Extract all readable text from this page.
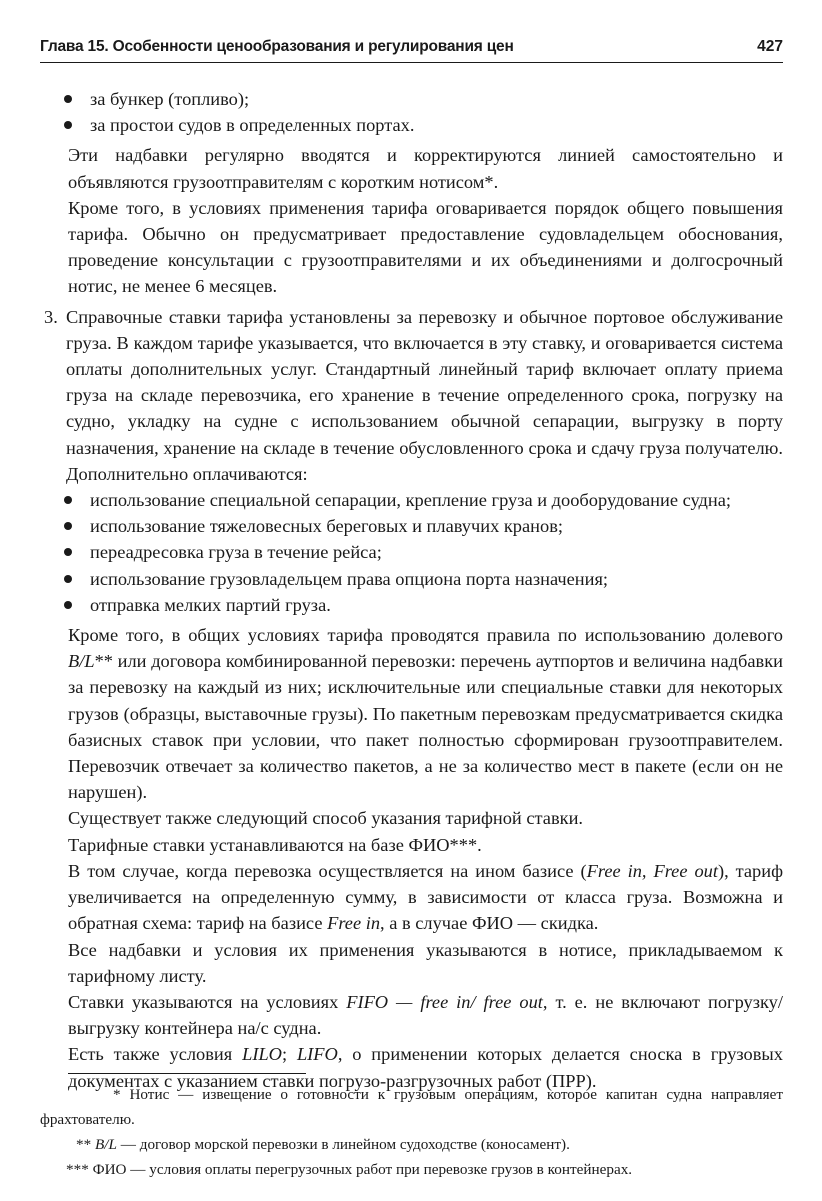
Глава 15. Особенности ценообразования и регулирования цен	427
за бункер (топливо);
за простои судов в определенных портах.

Эти надбавки регулярно вводятся и корректируются линией самостоятельно и объявляются грузоотправителям с коротким нотисом*.

Кроме того, в условиях применения тарифа оговаривается порядок общего повышения тарифа. Обычно он предусматривает предоставление судовладельцем обоснования, проведение консультации с грузоотправителями и их объединениями и долгосрочный нотис, не менее 6 месяцев.

3. Справочные ставки тарифа установлены за перевозку и обычное портовое обслуживание груза. В каждом тарифе указывается, что включается в эту ставку, и оговаривается система оплаты дополнительных услуг. Стандартный линейный тариф включает оплату приема груза на складе перевозчика, его хранение в течение определенного срока, погрузку на судно, укладку на судне с использованием обычной сепарации, выгрузку в порту назначения, хранение на складе в течение обусловленного срока и сдачу груза получателю. Дополнительно оплачиваются:
использование специальной сепарации, крепление груза и дооборудование судна;
использование тяжеловесных береговых и плавучих кранов;
переадресовка груза в течение рейса;
использование грузовладельцем права опциона порта назначения;
отправка мелких партий груза.

Кроме того, в общих условиях тарифа проводятся правила по использованию долевого B/L** или договора комбинированной перевозки: перечень аутпортов и величина надбавки за перевозку на каждый из них; исключительные или специальные ставки для некоторых грузов (образцы, выставочные грузы). По пакетным перевозкам предусматривается скидка базисных ставок при условии, что пакет полностью сформирован грузоотправителем. Перевозчик отвечает за количество пакетов, а не за количество мест в пакете (если он не нарушен).

Существует также следующий способ указания тарифной ставки.

Тарифные ставки устанавливаются на базе ФИО***.

В том случае, когда перевозка осуществляется на ином базисе (Free in, Free out), тариф увеличивается на определенную сумму, в зависимости от класса груза. Возможна и обратная схема: тариф на базисе Free in, а в случае ФИО — скидка.

Все надбавки и условия их применения указываются в нотисе, прикладываемом к тарифному листу.

Ставки указываются на условиях FIFO — free in/ free out, т. е. не включают погрузку/выгрузку контейнера на/с судна.

Есть также условия LILO; LIFO, о применении которых делается сноска в грузовых документах с указанием ставки погрузо-разгрузочных работ (ПРР).

* Нотис — извещение о готовности к грузовым операциям, которое капитан судна направляет фрахтователю.

** B/L — договор морской перевозки в линейном судоходстве (коносамент).

*** ФИО — условия оплаты перегрузочных работ при перевозке грузов в контейнерах.
